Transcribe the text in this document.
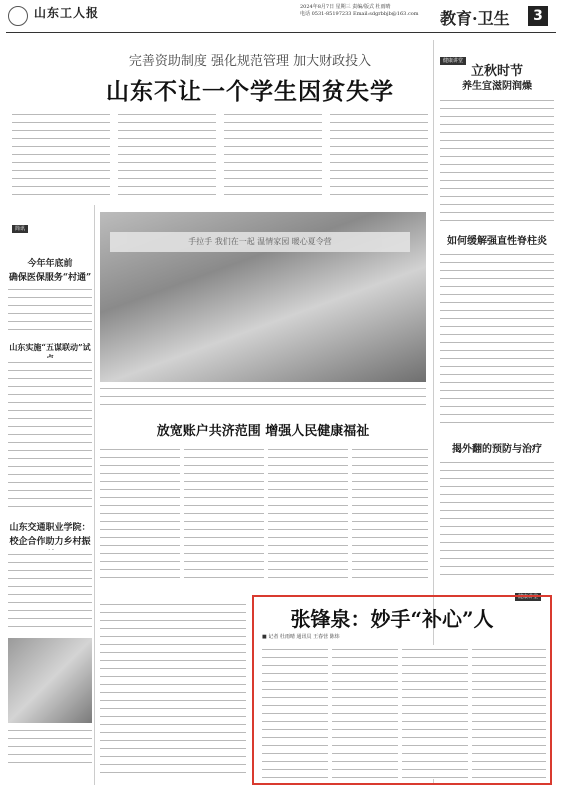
山东工人报	2024年8月7日 星期三 责编/版式 杜雨晴
电话 0531-85197233 Email:sdgrbbjb@163.com 教育·卫生	3
完善资助制度 强化规范管理 加大财政投入
山东不让一个学生因贫失学
健康讲堂
立秋时节
养生宜滋阴润燥
如何缓解强直性脊柱炎
揭外翻的预防与治疗
健康讲堂
手拉手 我们在一起 温情家园 暖心夏令营
简讯
今年年底前
确保医保服务“村通”
山东实施“五谋联动”试
山东交通职业学院：
校企合作助力乡村振
放宽账户共济范围 增强人民健康福祉
张锋泉：妙手“补心”人
■ 记者 杜雨晴 通讯员 王春营 陈炜
